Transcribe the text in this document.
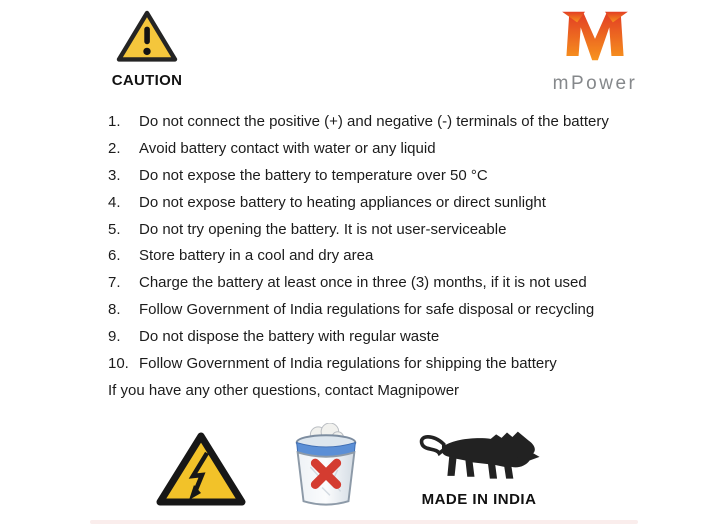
CAUTION	mPower
1.	Do not connect the positive (+) and negative (-) terminals of the battery
2.	Avoid battery contact with water or any liquid
3.	Do not expose the battery to temperature over 50 °C
4.	Do not expose battery to heating appliances or direct sunlight
5.	Do not try opening the battery. It is not user-serviceable
6.	Store battery in a cool and dry area
7.	Charge the battery at least once in three (3) months, if it is not used
8.	Follow Government of India regulations for safe disposal or recycling
9.	Do not dispose the battery with regular waste
10. Follow Government of India regulations for shipping the battery
If you have any other questions, contact Magnipower
MADE IN INDIA
